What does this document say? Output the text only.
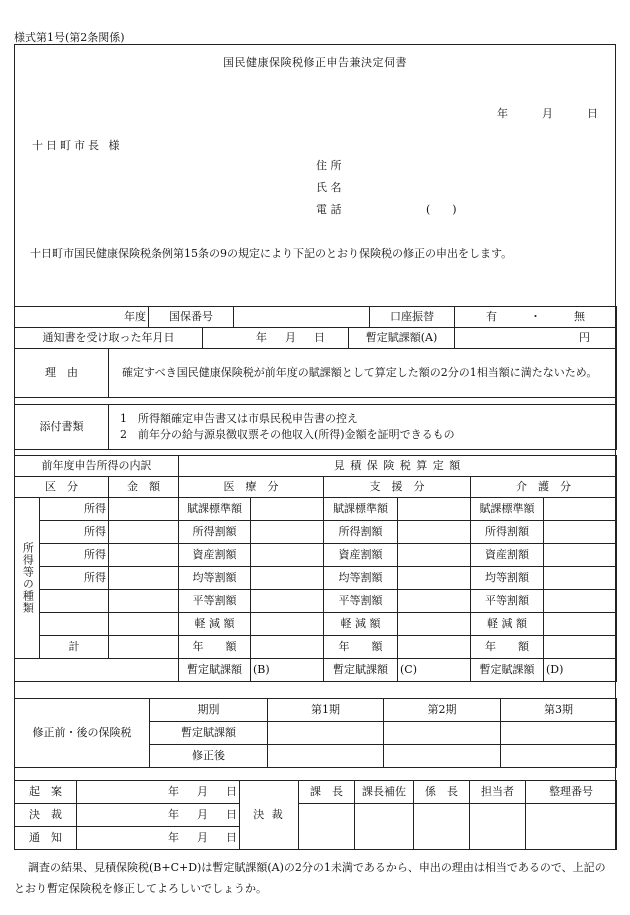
様式第1号(第2条関係)
国民健康保険税修正申告兼決定伺書
年	月	日
十日町市長 様
住 所
氏 名
電 話	(　　)
十日町市国民健康保険税条例第15条の9の規定により下記のとおり保険税の修正の申出をします。
年度	国保番号		口座振替	有	・	無
通知書を受け取った年月日	年 月 日	暫定賦課額(A)	円
理　由	確定すべき国民健康保険税が前年度の賦課額として算定した額の2分の1相当額に満たないため。

添付書類	1　所得額確定申告書又は市県民税申告書の控え
2　前年分の給与源泉徴収票その他収入(所得)金額を証明できるもの
前年度申告所得の内訳			見 積 保 険 税 算 定 額					
区　分		金　額	医　療　分		支　援　分		介　護　分	
所得等の種類	所得		賦課標準額		賦課標準額		賦課標準額	
	所得		所得割額		所得割額		所得割額	
	所得		資産割額		資産割額		資産割額	
	所得		均等割額		均等割額		均等割額	
			平等割額		平等割額		平等割額	
			軽 減 額		軽 減 額		軽 減 額	
	計		年　　額		年　　額		年　　額	
			暫定賦課額	(B)	暫定賦課額	(C)	暫定賦課額	(D)
修正前・後の保険税	期別	第1期	第2期	第3期
	暫定賦課額			
	修正後			
起　案	年 月 日	決 裁	課　長	課長補佐	係　長	担当者	整理番号
決　裁	年 月 日						
通　知	年 月 日						
調査の結果、見積保険税(B+C+D)は暫定賦課額(A)の2分の1未満であるから、申出の理由は相当であるので、上記のとおり暫定保険税を修正してよろしいでしょうか。
